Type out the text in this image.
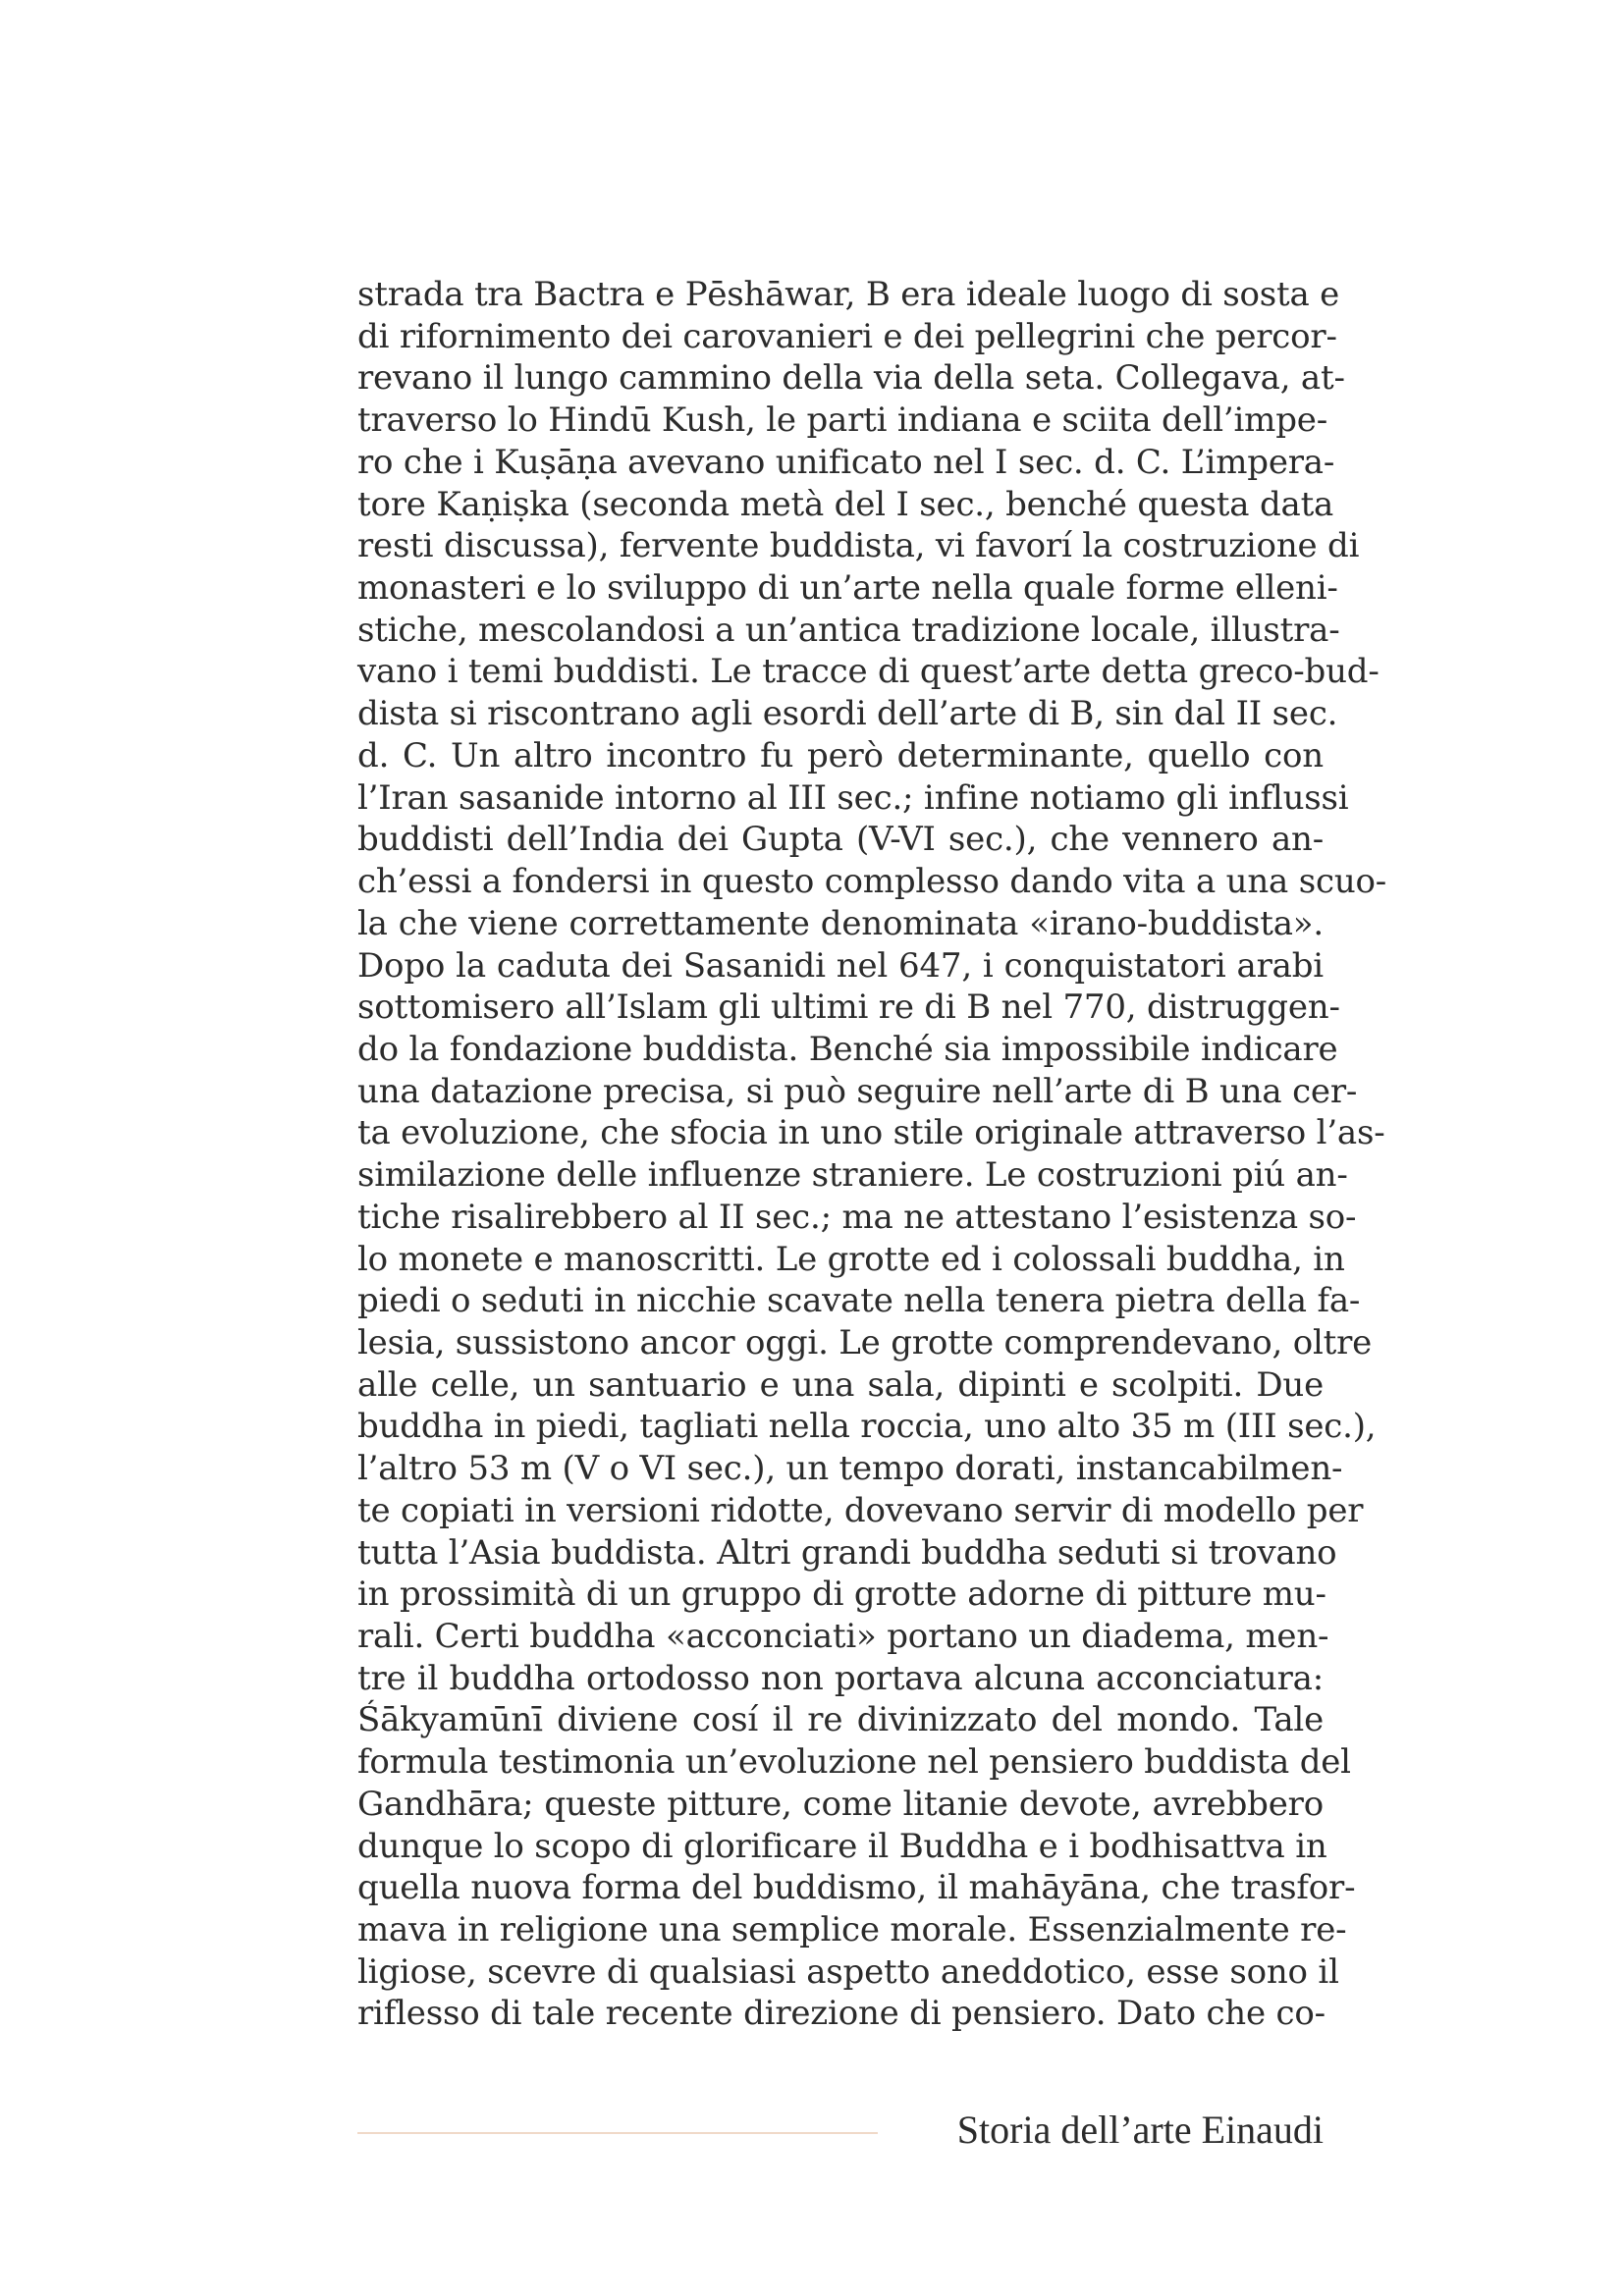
strada tra Bactra e Pēshāwar, B era ideale luogo di sosta e
di rifornimento dei carovanieri e dei pellegrini che percor-
revano il lungo cammino della via della seta. Collegava, at-
traverso lo Hindū Kush, le parti indiana e sciita dell’impe-
ro che i Kuṣāṇa avevano unificato nel I sec. d. C. L’impera-
tore Kaṇiṣka (seconda metà del I sec., benché questa data
resti discussa), fervente buddista, vi favorí la costruzione di
monasteri e lo sviluppo di un’arte nella quale forme elleni-
stiche, mescolandosi a un’antica tradizione locale, illustra-
vano i temi buddisti. Le tracce di quest’arte detta greco-bud-
dista si riscontrano agli esordi dell’arte di B, sin dal II sec.
d. C. Un altro incontro fu però determinante, quello con
l’Iran sasanide intorno al III sec.; infine notiamo gli influssi
buddisti dell’India dei Gupta (V-VI sec.), che vennero an-
ch’essi a fondersi in questo complesso dando vita a una scuo-
la che viene correttamente denominata «irano-buddista».
Dopo la caduta dei Sasanidi nel 647, i conquistatori arabi
sottomisero all’Islam gli ultimi re di B nel 770, distruggen-
do la fondazione buddista. Benché sia impossibile indicare
una datazione precisa, si può seguire nell’arte di B una cer-
ta evoluzione, che sfocia in uno stile originale attraverso l’as-
similazione delle influenze straniere. Le costruzioni piú an-
tiche risalirebbero al II sec.; ma ne attestano l’esistenza so-
lo monete e manoscritti. Le grotte ed i colossali buddha, in
piedi o seduti in nicchie scavate nella tenera pietra della fa-
lesia, sussistono ancor oggi. Le grotte comprendevano, oltre
alle celle, un santuario e una sala, dipinti e scolpiti. Due
buddha in piedi, tagliati nella roccia, uno alto 35 m (III sec.),
l’altro 53 m (V o VI sec.), un tempo dorati, instancabilmen-
te copiati in versioni ridotte, dovevano servir di modello per
tutta l’Asia buddista. Altri grandi buddha seduti si trovano
in prossimità di un gruppo di grotte adorne di pitture mu-
rali. Certi buddha «acconciati» portano un diadema, men-
tre il buddha ortodosso non portava alcuna acconciatura:
Śākyamūnī diviene cosí il re divinizzato del mondo. Tale
formula testimonia un’evoluzione nel pensiero buddista del
Gandhāra; queste pitture, come litanie devote, avrebbero
dunque lo scopo di glorificare il Buddha e i bodhisattva in
quella nuova forma del buddismo, il mahāyāna, che trasfor-
mava in religione una semplice morale. Essenzialmente re-
ligiose, scevre di qualsiasi aspetto aneddotico, esse sono il
riflesso di tale recente direzione di pensiero. Dato che co-
Storia dell’arte Einaudi
